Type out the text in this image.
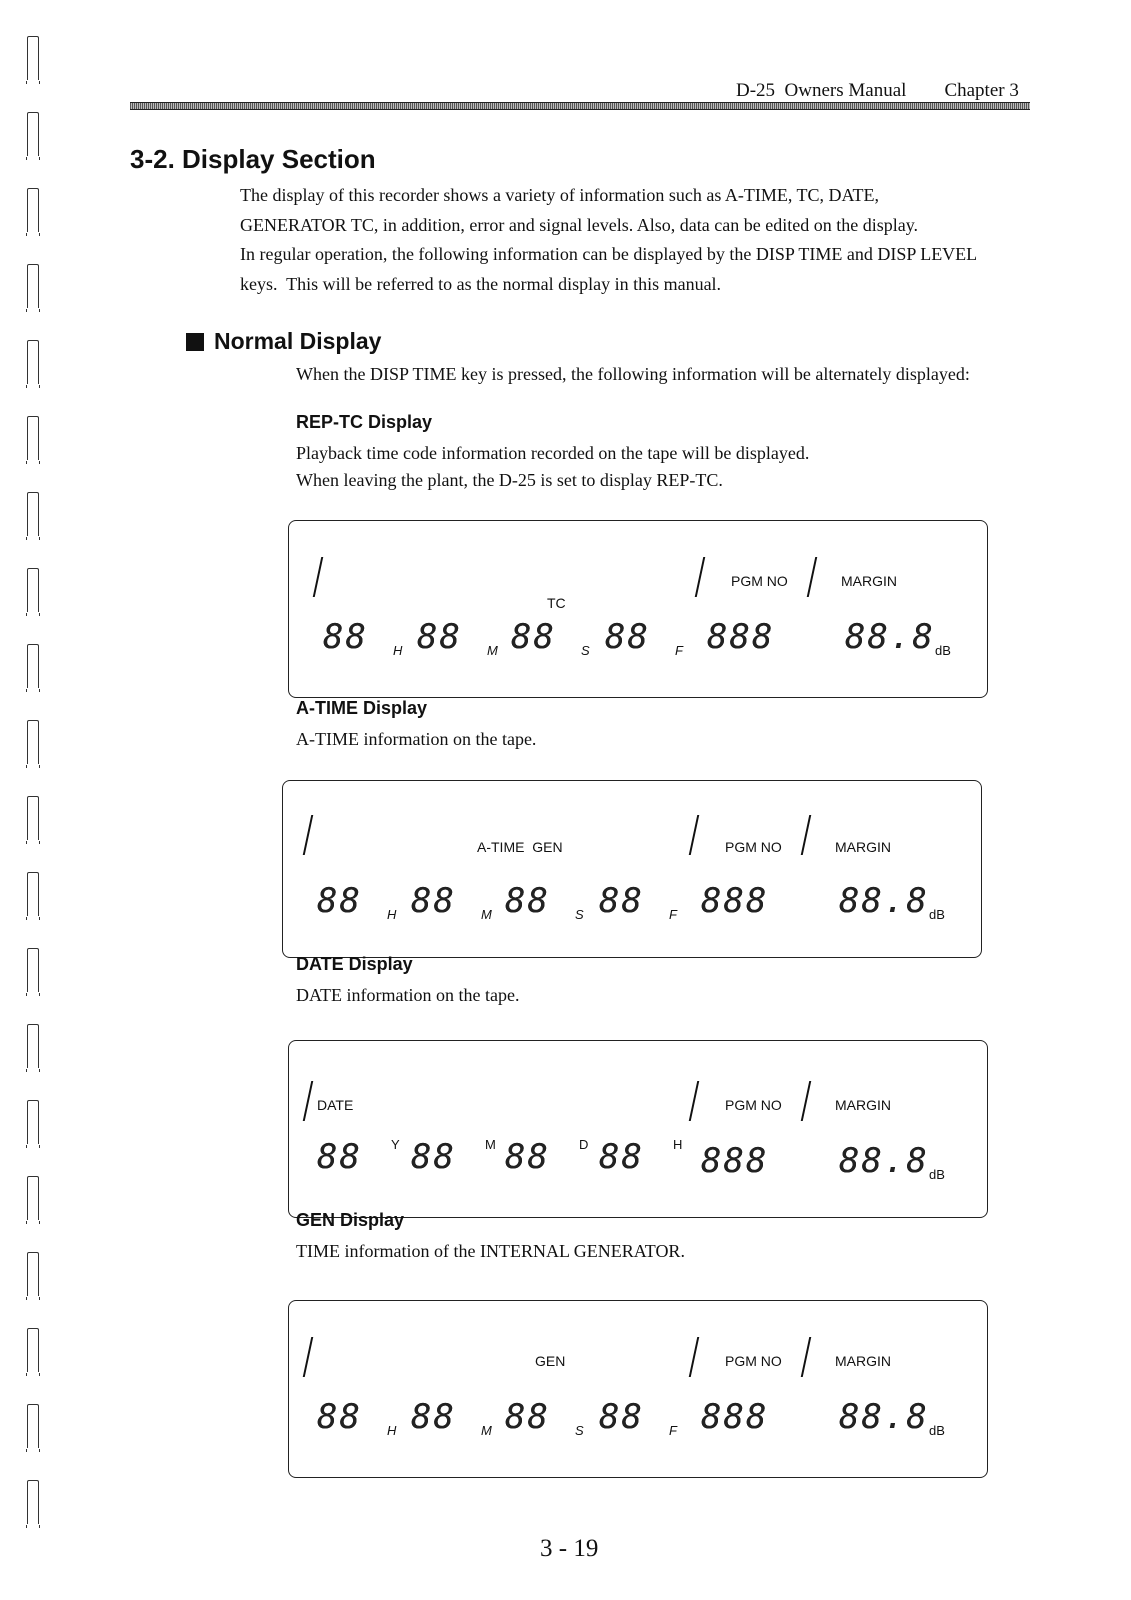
D-25  Owners Manual Chapter 3
3-2. Display Section

The display of this recorder shows a variety of information such as A-TIME, TC, DATE,

GENERATOR TC, in addition, error and signal levels. Also, data can be edited on the display.

In regular operation, the following information can be displayed by the DISP TIME and DISP LEVEL

keys.  This will be referred to as the normal display in this manual.

Normal Display

When the DISP TIME key is pressed, the following information will be alternately displayed:

REP-TC Display

Playback time code information recorded on the tape will be displayed.

When leaving the plant, the D-25 is set to display REP-TC.

TC
PGM NO	MARGIN
88 H 88 M 88 S 88 F 888 88.8 dB
A-TIME Display

A-TIME information on the tape.

A-TIME  GEN	PGM NO	MARGIN
88 H 88 M 88 S 88 F 888 88.8 dB
DATE Display

DATE information on the tape.

DATE	PGM NO	MARGIN
88 Y 88 M 88 D 88 H 888 88.8 dB
GEN Display

TIME information of the INTERNAL GENERATOR.

GEN	PGM NO	MARGIN
88 H 88 M 88 S 88 F 888 88.8 dB
3 - 19
